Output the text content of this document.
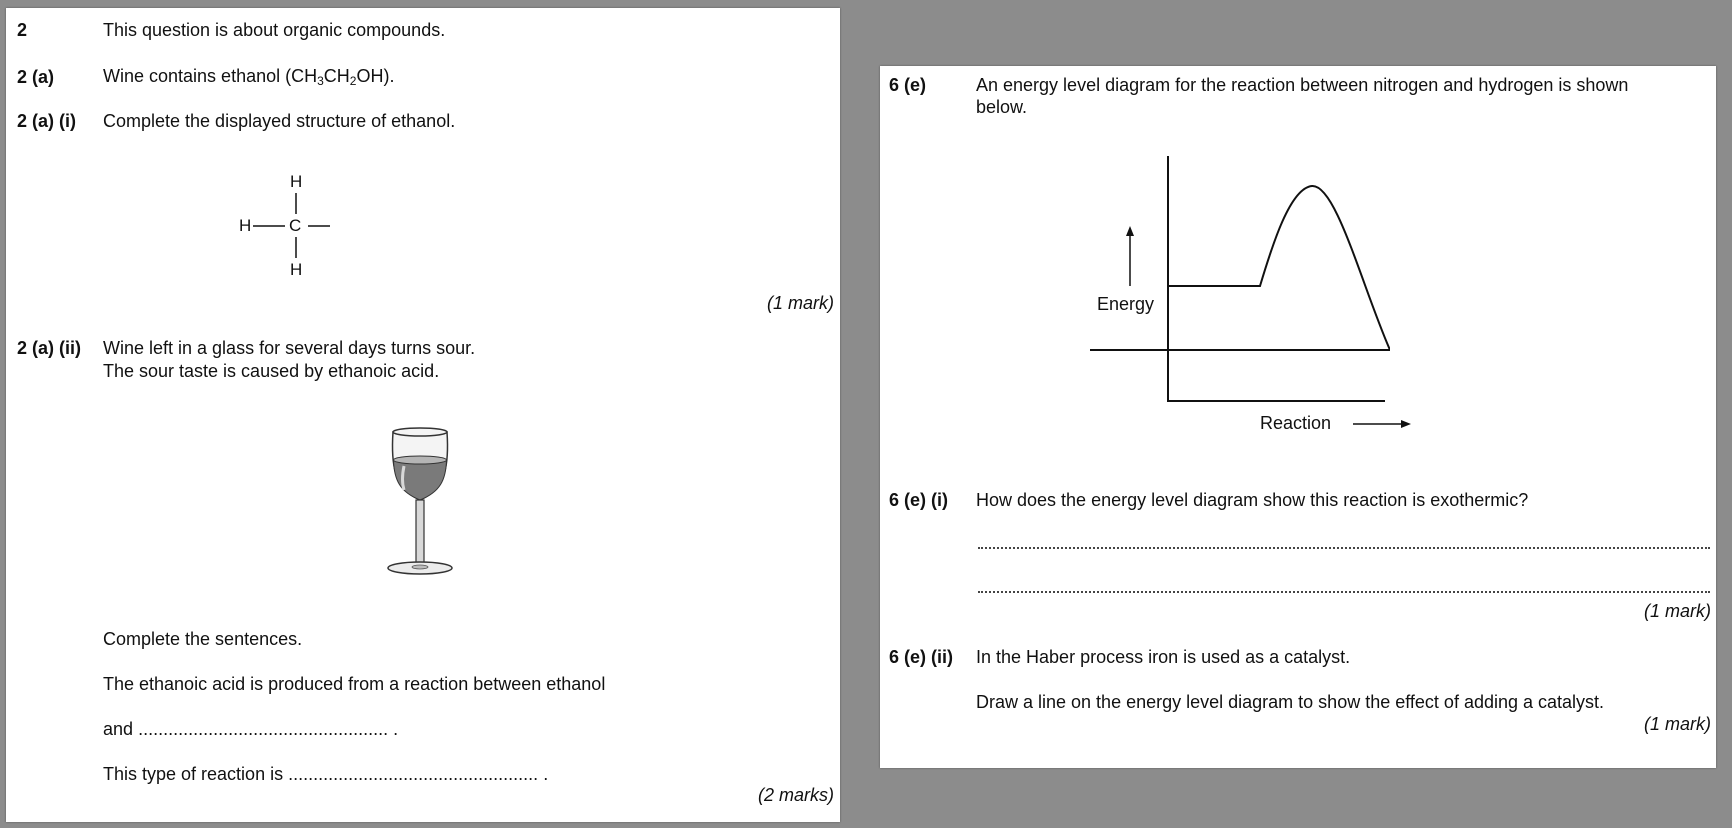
2	This question is about organic compounds.
2 (a)	Wine contains ethanol $(CH_3CH_2OH)$.
2 (a) (i) Complete the displayed structure of ethanol.
H
H C
H
(1 mark)
2 (a) (ii) Wine left in a glass for several days turns sour.
The sour taste is caused by ethanoic acid.
Complete the sentences.
The ethanoic acid is produced from a reaction between ethanol
and .................................................. .
This type of reaction is .................................................. .
(2 marks)
6 (e)	An energy level diagram for the reaction between nitrogen and hydrogen is shown
below.
Energy
Reaction →
6 (e) (i) How does the energy level diagram show this reaction is exothermic?
(1 mark)
6 (e) (ii) In the Haber process iron is used as a catalyst.
Draw a line on the energy level diagram to show the effect of adding a catalyst.
(1 mark)
